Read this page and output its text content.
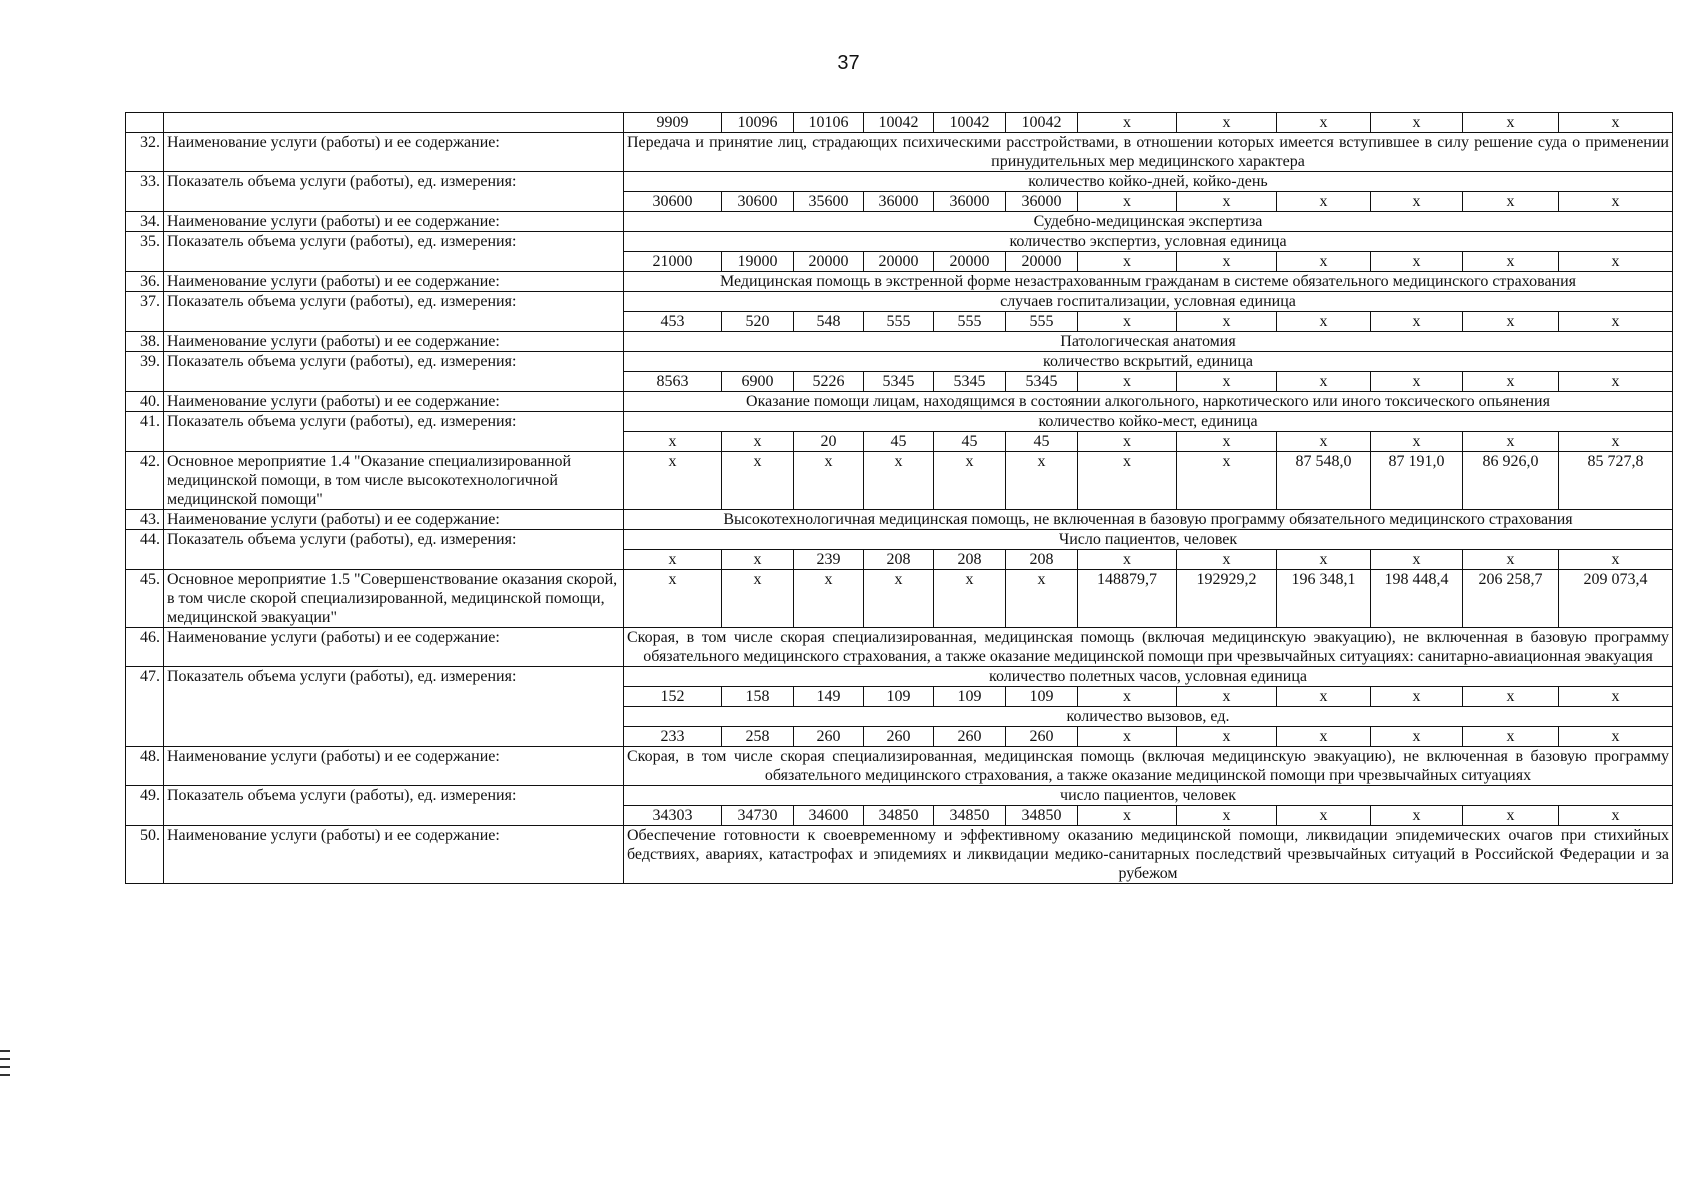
37
		9909	10096	10106	10042	10042	10042	x	x	x	x	x	x
32.	Наименование услуги (работы) и ее содержание:	Передача и принятие лиц, страдающих психическими расстройствами, в отношении которых имеется вступившее в силу решение суда о применении принудительных мер медицинского характера											
33.	Показатель объема услуги (работы), ед. измерения:	количество койко-дней, койко-день											
		30600	30600	35600	36000	36000	36000	x	x	x	x	x	x
34.	Наименование услуги (работы) и ее содержание:	Судебно-медицинская экспертиза											
35.	Показатель объема услуги (работы), ед. измерения:	количество экспертиз, условная единица											
		21000	19000	20000	20000	20000	20000	x	x	x	x	x	x
36.	Наименование услуги (работы) и ее содержание:	Медицинская помощь в экстренной форме незастрахованным гражданам в системе обязательного медицинского страхования											
37.	Показатель объема услуги (работы), ед. измерения:	случаев госпитализации, условная единица											
		453	520	548	555	555	555	x	x	x	x	x	x
38.	Наименование услуги (работы) и ее содержание:	Патологическая анатомия											
39.	Показатель объема услуги (работы), ед. измерения:	количество вскрытий, единица											
		8563	6900	5226	5345	5345	5345	x	x	x	x	x	x
40.	Наименование услуги (работы) и ее содержание:	Оказание помощи лицам, находящимся в состоянии алкогольного, наркотического или иного токсического опьянения											
41.	Показатель объема услуги (работы), ед. измерения:	количество койко-мест, единица											
		x	x	20	45	45	45	x	x	x	x	x	x
42.	Основное мероприятие 1.4 "Оказание специализированной медицинской помощи, в том числе высокотехнологичной медицинской помощи"	x	x	x	x	x	x	x	x	87 548,0	87 191,0	86 926,0	85 727,8
43.	Наименование услуги (работы) и ее содержание:	Высокотехнологичная медицинская помощь, не включенная в базовую программу обязательного медицинского страхования											
44.	Показатель объема услуги (работы), ед. измерения:	Число пациентов, человек											
		x	x	239	208	208	208	x	x	x	x	x	x
45.	Основное мероприятие 1.5 "Совершенствование оказания скорой, в том числе скорой специализированной, медицинской помощи, медицинской эвакуации"	x	x	x	x	x	x	148879,7	192929,2	196 348,1	198 448,4	206 258,7	209 073,4
46.	Наименование услуги (работы) и ее содержание:	Скорая, в том числе скорая специализированная, медицинская помощь (включая медицинскую эвакуацию), не включенная в базовую программу обязательного медицинского страхования, а также оказание медицинской помощи при чрезвычайных ситуациях: санитарно-авиационная эвакуация											
47.	Показатель объема услуги (работы), ед. измерения:	количество полетных часов, условная единица											
		152	158	149	109	109	109	x	x	x	x	x	x
		количество вызовов, ед.											
		233	258	260	260	260	260	x	x	x	x	x	x
48.	Наименование услуги (работы) и ее содержание:	Скорая, в том числе скорая специализированная, медицинская помощь (включая медицинскую эвакуацию), не включенная в базовую программу обязательного медицинского страхования, а также оказание медицинской помощи при чрезвычайных ситуациях											
49.	Показатель объема услуги (работы), ед. измерения:	число пациентов, человек											
		34303	34730	34600	34850	34850	34850	x	x	x	x	x	x
50.	Наименование услуги (работы) и ее содержание:	Обеспечение готовности к своевременному и эффективному оказанию медицинской помощи, ликвидации эпидемических очагов при стихийных бедствиях, авариях, катастрофах и эпидемиях и ликвидации медико-санитарных последствий чрезвычайных ситуаций в Российской Федерации и за рубежом											
